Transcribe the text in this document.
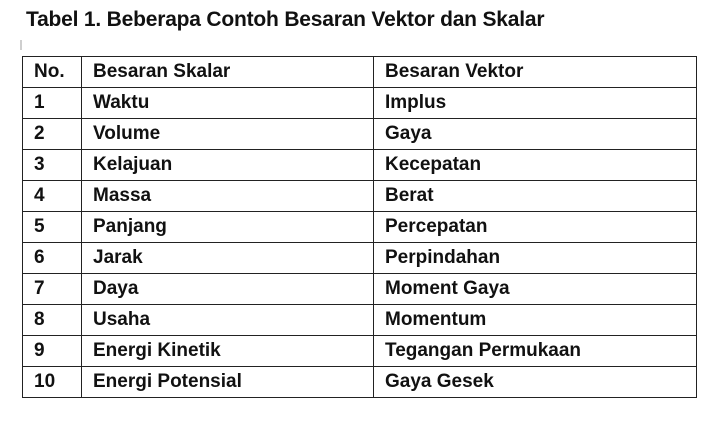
Tabel 1. Beberapa Contoh Besaran Vektor dan Skalar
No.	Besaran Skalar	Besaran Vektor
1	Waktu	Implus
2	Volume	Gaya
3	Kelajuan	Kecepatan
4	Massa	Berat
5	Panjang	Percepatan
6	Jarak	Perpindahan
7	Daya	Moment Gaya
8	Usaha	Momentum
9	Energi Kinetik	Tegangan Permukaan
10	Energi Potensial	Gaya Gesek
